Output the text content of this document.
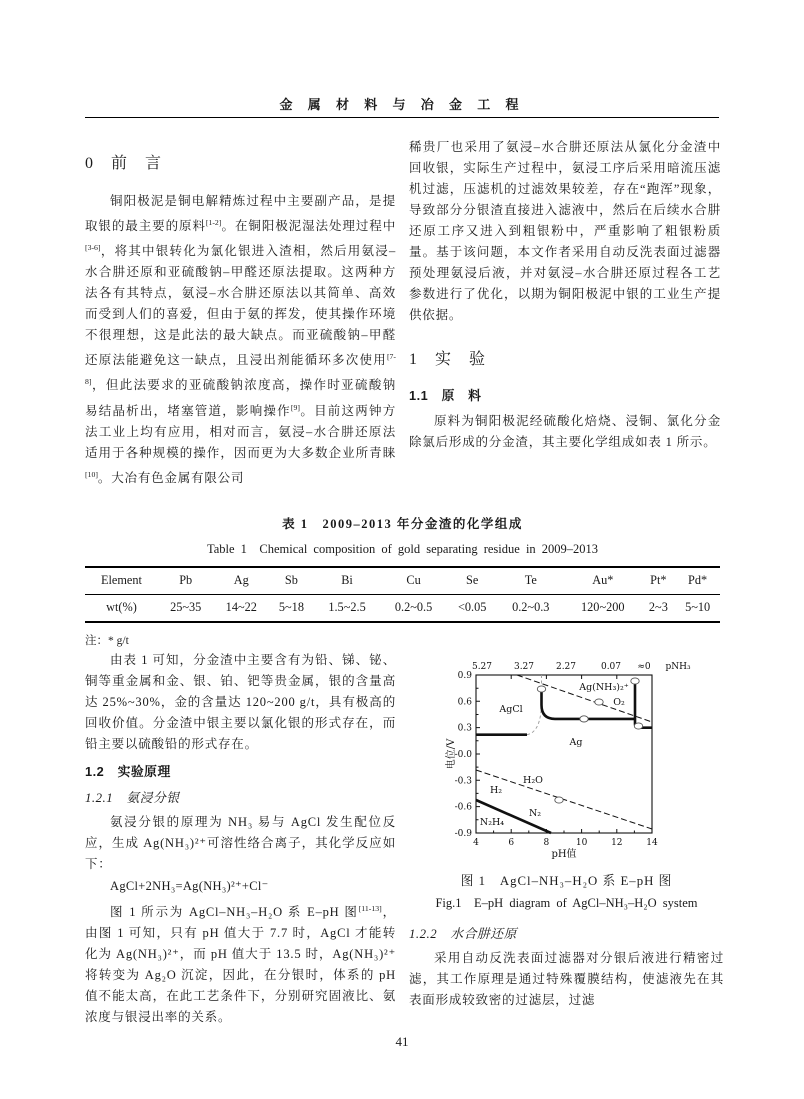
金 属 材 料 与 冶 金 工 程
0　前　言

铜阳极泥是铜电解精炼过程中主要副产品，是提取银的最主要的原料[1-2]。在铜阳极泥湿法处理过程中[3-6]，将其中银转化为氯化银进入渣相，然后用氨浸–水合肼还原和亚硫酸钠–甲醛还原法提取。这两种方法各有其特点，氨浸–水合肼还原法以其简单、高效而受到人们的喜爱，但由于氨的挥发，使其操作环境不很理想，这是此法的最大缺点。而亚硫酸钠–甲醛还原法能避免这一缺点，且浸出剂能循环多次使用[7-8]，但此法要求的亚硫酸钠浓度高，操作时亚硫酸钠易结晶析出，堵塞管道，影响操作[9]。目前这两钟方法工业上均有应用，相对而言，氨浸–水合肼还原法适用于各种规模的操作，因而更为大多数企业所青睐[10]。大冶有色金属有限公司

稀贵厂也采用了氨浸–水合肼还原法从氯化分金渣中回收银，实际生产过程中，氨浸工序后采用暗流压滤机过滤，压滤机的过滤效果较差，存在“跑浑”现象，导致部分分银渣直接进入滤液中，然后在后续水合肼还原工序又进入到粗银粉中，严重影响了粗银粉质量。基于该问题，本文作者采用自动反洗表面过滤器预处理氨浸后液，并对氨浸–水合肼还原过程各工艺参数进行了优化，以期为铜阳极泥中银的工业生产提供依据。

1　实　验
1.1　原　料

原料为铜阳极泥经硫酸化焙烧、浸铜、氯化分金除氯后形成的分金渣，其主要化学组成如表 1 所示。

表 1　2009–2013 年分金渣的化学组成
Table 1　Chemical composition of gold separating residue in 2009–2013
Element	Pb	Ag	Sb	Bi	Cu	Se	Te	Au*	Pt*	Pd*
wt(%)	25~35	14~22	5~18	1.5~2.5	0.2~0.5	<0.05	0.2~0.3	120~200	2~3	5~10
注：* g/t

由表 1 可知，分金渣中主要含有为铅、锑、铋、铜等重金属和金、银、铂、钯等贵金属，银的含量高达 25%~30%，金的含量达 120~200 g/t，具有极高的回收价值。分金渣中银主要以氯化银的形式存在，而铅主要以硫酸铅的形式存在。

1.2　实验原理
1.2.1　氨浸分银

氨浸分银的原理为 NH₃ 易与 AgCl 发生配位反应，生成 Ag(NH₃)²⁺可溶性络合离子，其化学反应如下：

AgCl+2NH₃=Ag(NH₃)²⁺+Cl⁻

图 1 所示为 AgCl–NH₃–H₂O 系 E–pH 图[11-13]，由图 1 可知，只有 pH 值大于 7.7 时，AgCl 才能转化为 Ag(NH₃)²⁺，而 pH 值大于 13.5 时，Ag(NH₃)²⁺将转变为 Ag₂O 沉淀，因此，在分银时，体系的 pH 值不能太高，在此工艺条件下，分别研究固液比、氨浓度与银浸出率的关系。

5.27 3.27 2.27	0.07 ≈0 pNH₃
0.9
0.6
0.3
-0.0
-0.3
-0.6
-0.9
4	6	8	10	12	14
电位/V
pH值
AgCl
Ag(NH₃)₂⁺
O₂
Ag
H₂O
H₂
N₂
N₂H₄
图 1　AgCl–NH₃–H₂O 系 E–pH 图
Fig.1　E–pH diagram of AgCl–NH₃–H₂O system
1.2.2　水合肼还原

采用自动反洗表面过滤器对分银后液进行精密过滤，其工作原理是通过特殊覆膜结构，使滤液先在其表面形成较致密的过滤层，过滤

41
